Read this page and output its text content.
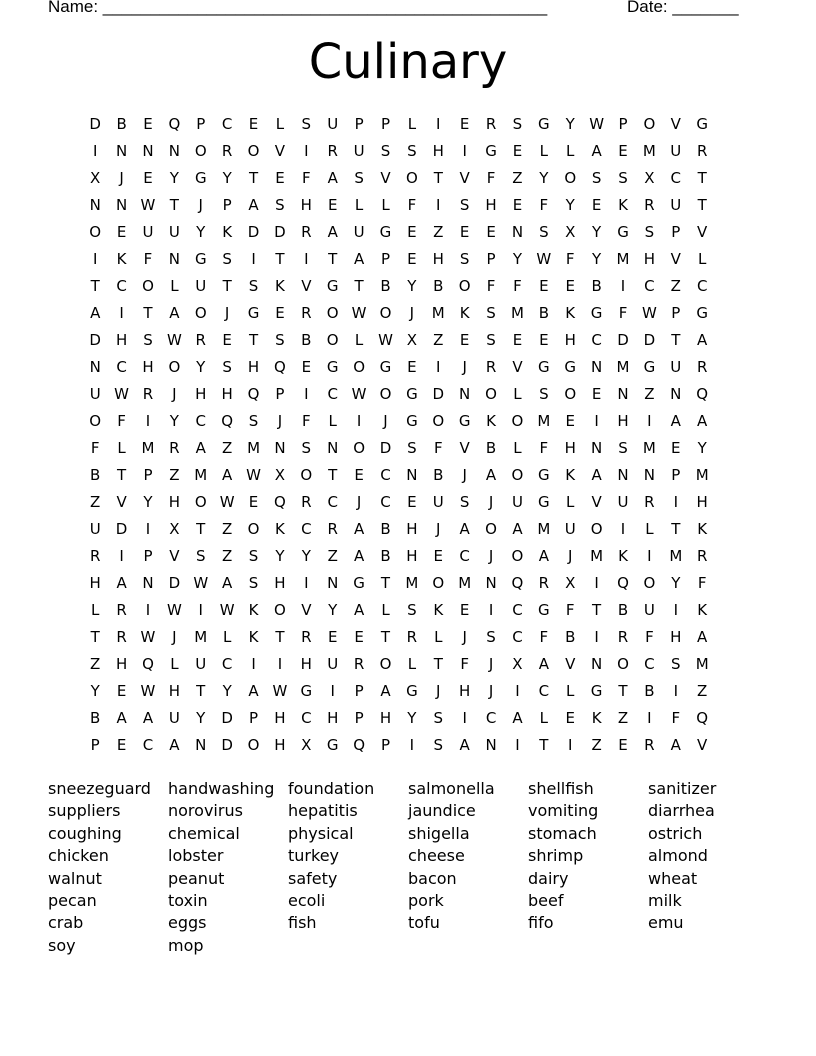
Name: _______________________________________________	Date: _______
Culinary
D	B	E	Q	P	C	E	L	S	U	P	P	L	I	E	R	S	G	Y W P	O	V	G
I	N	N	N O	R	O	V	I	R	U	S	S	H	I	G	E	L	L	A	E	M U	R
X	J	E	Y	G	Y	T	E	F	A	S	V	O	T	V	F	Z	Y	O	S	S	X	C	T
N	N W T	J	P	A	S	H	E	L	L	F	I	S	H	E	F	Y	E	K	R	U	T
O	E	U	U	Y	K	D D	R	A	U	G	E	Z	E	E	N	S	X	Y	G	S	P	V
I	K	F	N G	S	I	T	I	T	A	P	E	H	S	P	Y W F	Y	M H	V	L
T	C	O	L	U	T	S	K	V	G	T	B	Y	B	O	F	F	E	E	B	I	C	Z	C
A	I	T	A	O	J	G	E	R	O W O	J	M K	S	M B	K	G	F W P	G
D H	S W R	E	T	S	B	O	L W X	Z	E	S	E	E	H	C	D D	T	A
N	C	H O	Y	S	H Q	E	G O G	E	I	J	R	V	G G N M G	U	R
U W R	J	H	H Q	P	I	C W O G D	N O	L	S	O	E	N	Z	N Q
O	F	I	Y	C	Q	S	J	F	L	I	J	G O G	K	O M	E	I	H	I	A	A
F	L	M R	A	Z M N	S	N O D	S	F	V	B	L	F	H	N	S	M	E	Y
B	T	P	Z M A W X	O	T	E	C	N	B	J	A	O G	K	A	N	N	P	M
Z	V	Y	H O W E	Q	R	C	J	C	E	U	S	J	U	G	L	V	U	R	I	H
U	D	I	X	T	Z	O	K	C	R	A	B	H	J	A	O	A M U O	I	L	T	K
R	I	P	V	S	Z	S	Y	Y	Z	A	B	H	E	C	J	O	A	J	M K	I	M R
H	A	N D W A	S	H	I	N G	T	M O M N Q	R	X	I	Q O	Y	F
L	R	I	W	I	W K	O	V	Y	A	L	S	K	E	I	C	G	F	T	B	U	I	K
T	R W	J	M	L	K	T	R	E	E	T	R	L	J	S	C	F	B	I	R	F	H	A
Z	H Q	L	U	C	I	I	H	U	R	O	L	T	F	J	X	A	V	N O	C	S	M
Y	E W H	T	Y	A W G	I	P	A	G	J	H	J	I	C	L	G	T	B	I	Z
B	A	A	U	Y	D	P	H	C	H	P	H	Y	S	I	C	A	L	E	K	Z	I	F	Q
P	E	C	A	N D O H	X	G Q	P	I	S	A	N	I	T	I	Z	E	R	A	V
sneezeguard	handwashing foundation	salmonella	shellfish	sanitizer
suppliers	norovirus	hepatitis	jaundice	vomiting	diarrhea
coughing	chemical	physical	shigella	stomach	ostrich
chicken	lobster	turkey	cheese	shrimp	almond
walnut	peanut	safety	bacon	dairy	wheat
pecan	toxin	ecoli	pork	beef	milk
crab	eggs	fish	tofu	fifo	emu
soy	mop
